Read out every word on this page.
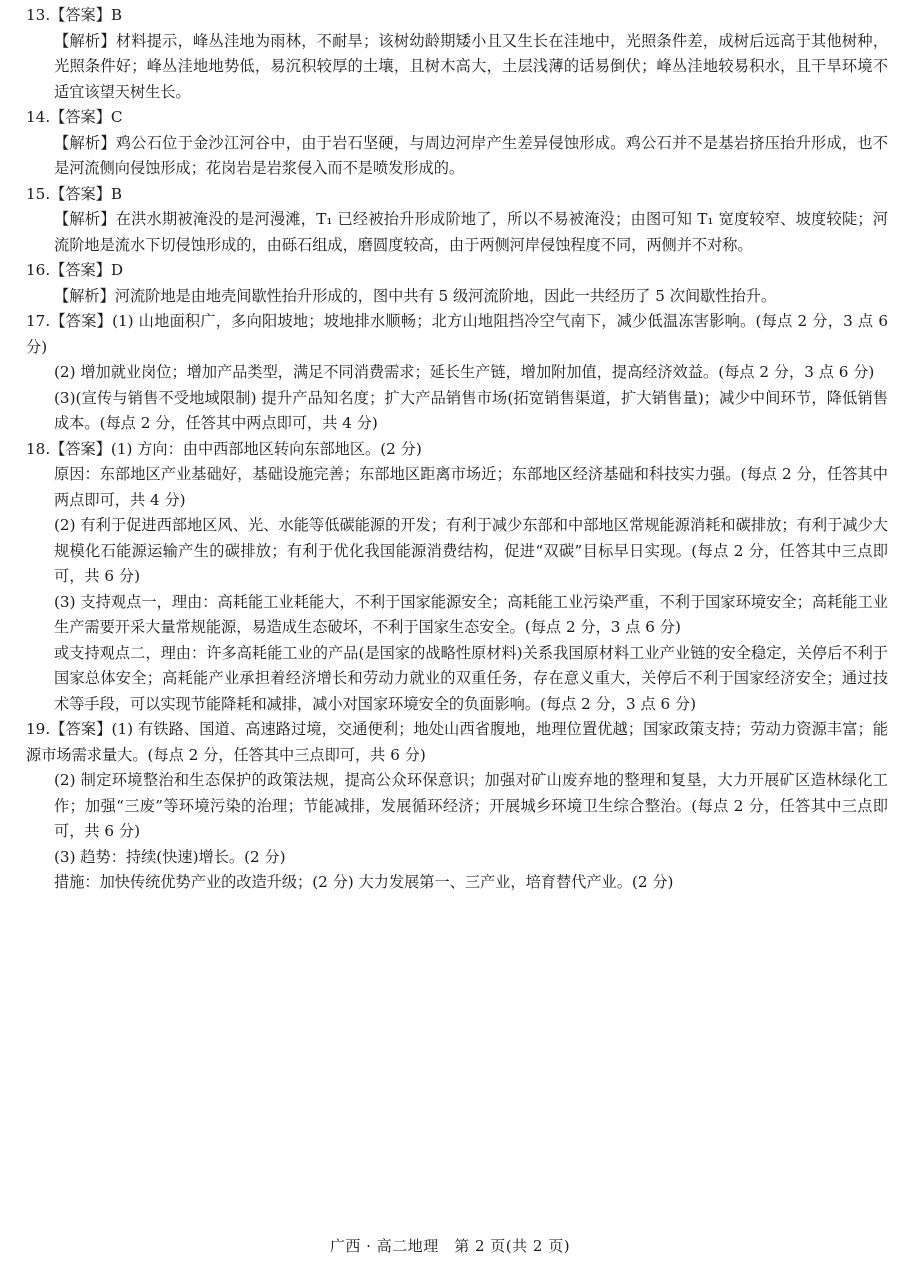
13.【答案】B

【解析】材料提示，峰丛洼地为雨林，不耐旱；该树幼龄期矮小且又生长在洼地中，光照条件差，成树后远高于其他树种，光照条件好；峰丛洼地地势低，易沉积较厚的土壤，且树木高大，土层浅薄的话易倒伏；峰丛洼地较易积水，且干旱环境不适宜该望天树生长。

14.【答案】C

【解析】鸡公石位于金沙江河谷中，由于岩石坚硬，与周边河岸产生差异侵蚀形成。鸡公石并不是基岩挤压抬升形成，也不是河流侧向侵蚀形成；花岗岩是岩浆侵入而不是喷发形成的。

15.【答案】B

【解析】在洪水期被淹没的是河漫滩，T₁ 已经被抬升形成阶地了，所以不易被淹没；由图可知 T₁ 宽度较窄、坡度较陡；河流阶地是流水下切侵蚀形成的，由砾石组成，磨圆度较高，由于两侧河岸侵蚀程度不同，两侧并不对称。

16.【答案】D

【解析】河流阶地是由地壳间歇性抬升形成的，图中共有 5 级河流阶地，因此一共经历了 5 次间歇性抬升。

17.【答案】(1) 山地面积广，多向阳坡地；坡地排水顺畅；北方山地阻挡冷空气南下，减少低温冻害影响。(每点 2 分，3 点 6 分)

(2) 增加就业岗位；增加产品类型，满足不同消费需求；延长生产链，增加附加值，提高经济效益。(每点 2 分，3 点 6 分)

(3)(宣传与销售不受地域限制) 提升产品知名度；扩大产品销售市场(拓宽销售渠道，扩大销售量)；减少中间环节，降低销售成本。(每点 2 分，任答其中两点即可，共 4 分)

18.【答案】(1) 方向：由中西部地区转向东部地区。(2 分)

原因：东部地区产业基础好，基础设施完善；东部地区距离市场近；东部地区经济基础和科技实力强。(每点 2 分，任答其中两点即可，共 4 分)

(2) 有利于促进西部地区风、光、水能等低碳能源的开发；有利于减少东部和中部地区常规能源消耗和碳排放；有利于减少大规模化石能源运输产生的碳排放；有利于优化我国能源消费结构，促进“双碳”目标早日实现。(每点 2 分，任答其中三点即可，共 6 分)

(3) 支持观点一，理由：高耗能工业耗能大，不利于国家能源安全；高耗能工业污染严重，不利于国家环境安全；高耗能工业生产需要开采大量常规能源，易造成生态破坏，不利于国家生态安全。(每点 2 分，3 点 6 分)

或支持观点二，理由：许多高耗能工业的产品(是国家的战略性原材料)关系我国原材料工业产业链的安全稳定，关停后不利于国家总体安全；高耗能产业承担着经济增长和劳动力就业的双重任务，存在意义重大，关停后不利于国家经济安全；通过技术等手段，可以实现节能降耗和减排，减小对国家环境安全的负面影响。(每点 2 分，3 点 6 分)

19.【答案】(1) 有铁路、国道、高速路过境，交通便利；地处山西省腹地，地理位置优越；国家政策支持；劳动力资源丰富；能源市场需求量大。(每点 2 分，任答其中三点即可，共 6 分)

(2) 制定环境整治和生态保护的政策法规，提高公众环保意识；加强对矿山废弃地的整理和复垦，大力开展矿区造林绿化工作；加强“三废”等环境污染的治理；节能减排，发展循环经济；开展城乡环境卫生综合整治。(每点 2 分，任答其中三点即可，共 6 分)

(3) 趋势：持续(快速)增长。(2 分)

措施：加快传统优势产业的改造升级；(2 分) 大力发展第一、三产业，培育替代产业。(2 分)

广西 · 高二地理　第 2 页(共 2 页)
